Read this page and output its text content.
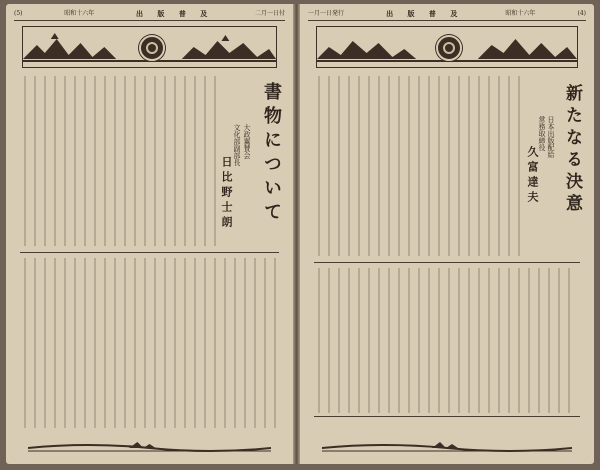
(5)	昭和十六年	出 版 普 及	二月一日付
書物について
大政翼賛会
文化部副部長
日比野士朗
一月一日発行	出 版 普 及	昭和十六年	(4)
新たなる決意
日本出版配給
常務取締役
久富達夫
